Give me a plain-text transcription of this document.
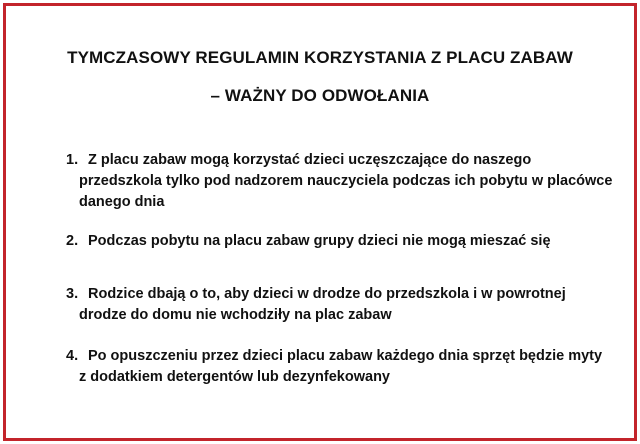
TYMCZASOWY REGULAMIN KORZYSTANIA Z PLACU ZABAW
– WAŻNY DO ODWOŁANIA
1. Z placu zabaw mogą korzystać dzieci uczęszczające do naszego
przedszkola tylko pod nadzorem nauczyciela podczas ich pobytu w placówce
danego dnia
2. Podczas pobytu na placu zabaw grupy dzieci nie mogą mieszać się
3. Rodzice dbają o to, aby dzieci w drodze do przedszkola i w powrotnej
drodze do domu nie wchodziły na plac zabaw
4. Po opuszczeniu przez dzieci placu zabaw każdego dnia sprzęt będzie myty
z dodatkiem detergentów lub dezynfekowany
